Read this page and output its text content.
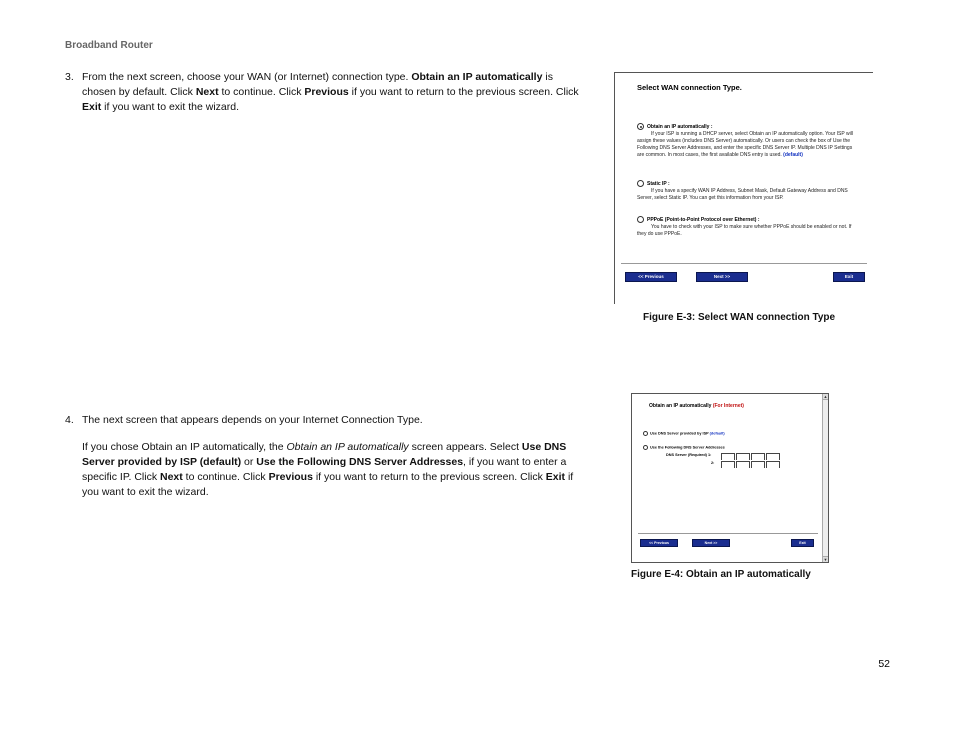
Broadband Router
3. From the next screen, choose your WAN (or Internet) connection type. Obtain an IP automatically is chosen by default. Click Next to continue. Click Previous if you want to return to the previous screen. Click Exit if you want to exit the wizard.

4. The next screen that appears depends on your Internet Connection Type.

If you chose Obtain an IP automatically, the Obtain an IP automatically screen appears. Select Use DNS Server provided by ISP (default) or Use the Following DNS Server Addresses, if you want to enter a specific IP. Click Next to continue. Click Previous if you want to return to the previous screen. Click Exit if you want to exit the wizard.

Select WAN connection Type.
Obtain an IP automatically :
If your ISP is running a DHCP server, select Obtain an IP automatically option. Your ISP will assign these values (includes DNS Server) automatically. Or users can check the box of Use the Following DNS Server Addresses, and enter the specific DNS Server IP. Multiple DNS IP Settings are common. In most cases, the first available DNS entry is used. (default)
Static IP :
If you have a specify WAN IP Address, Subnet Mask, Default Gateway Address and DNS Server, select Static IP. You can get this information from your ISP.
PPPoE (Point-to-Point Protocol over Ethernet) :
You have to check with your ISP to make sure whether PPPoE should be enabled or not. If they do use PPPoE.
<< Previous	Next >>	Exit
Figure E-3: Select WAN connection Type
Obtain an IP automatically (For Internet)
Use DNS Server provided by ISP (default)
Use the Following DNS Server Addresses
DNS Server (Required) 1:
2:
<< Previous	Next >>	Exit
▲
▼
Figure E-4: Obtain an IP automatically
52
